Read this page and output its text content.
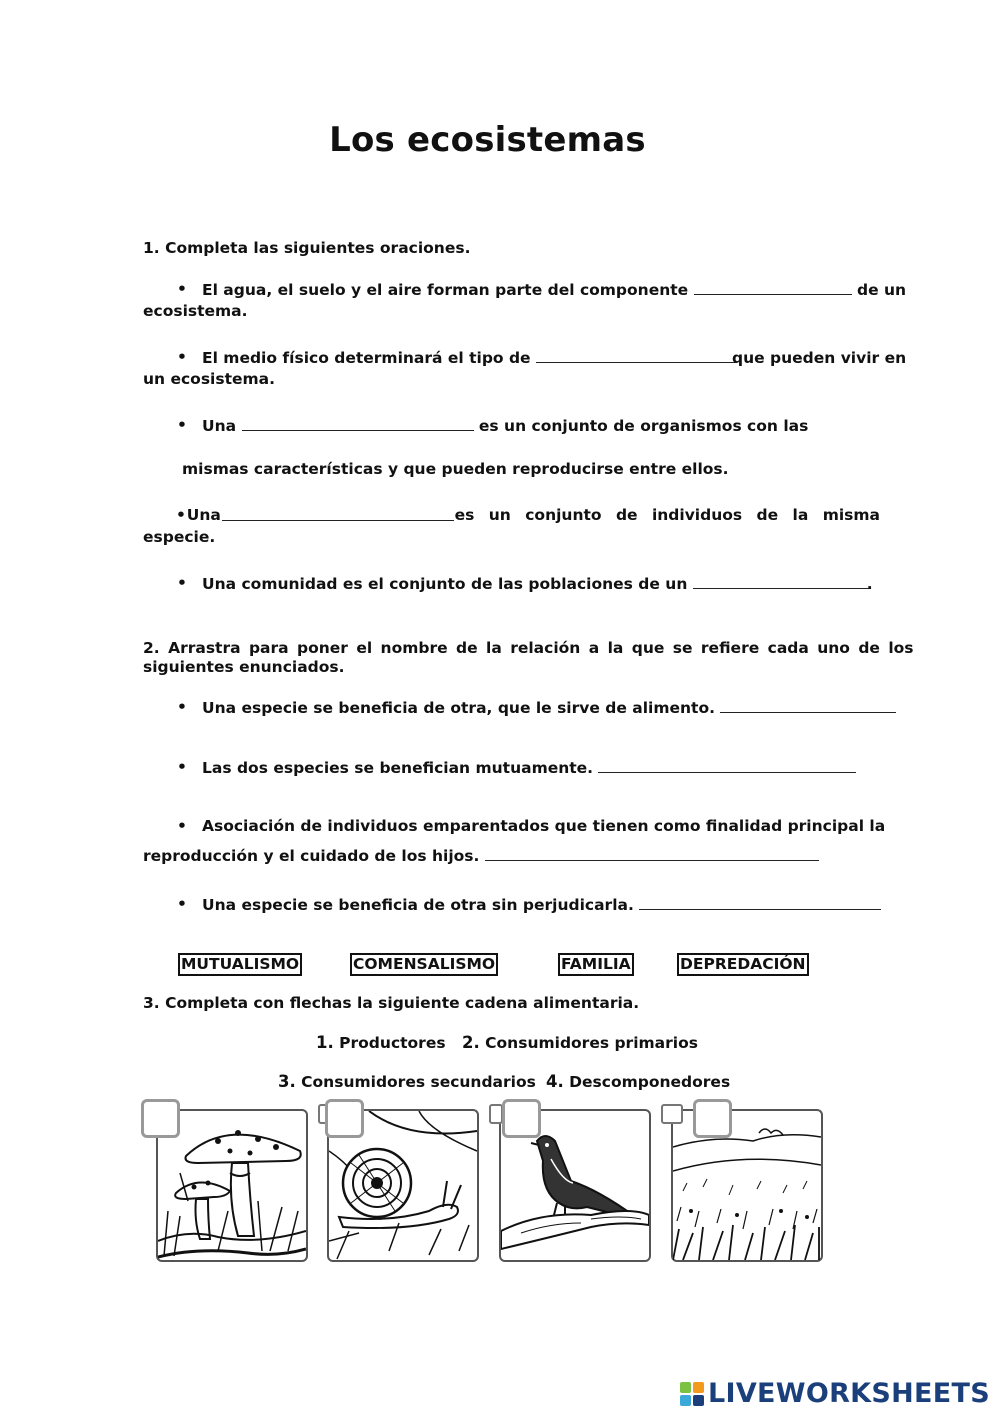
Los ecosistemas
1. Completa las siguientes oraciones.
• El agua, el suelo y el aire forman parte del componente	de un
ecosistema.
• El medio físico determinará el tipo de	que pueden vivir en
un ecosistema.
• Una	es un conjunto de organismos con las
mismas características y que pueden reproducirse entre ellos.
• Una	es un conjunto de individuos de la misma
especie.
• Una comunidad es el conjunto de las poblaciones de un	.
2. Arrastra para poner el nombre de la relación a la que se refiere cada uno de los
siguientes enunciados.
• Una especie se beneficia de otra, que le sirve de alimento.
• Las dos especies se benefician mutuamente.
• Asociación de individuos emparentados que tienen como finalidad principal la
reproducción y el cuidado de los hijos.
• Una especie se beneficia de otra sin perjudicarla.
MUTUALISMO	COMENSALISMO	FAMILIA	DEPREDACIÓN
3. Completa con flechas la siguiente cadena alimentaria.
1. Productores 2. Consumidores primarios
3. Consumidores secundarios 4. Descomponedores
LIVEWORKSHEETS
